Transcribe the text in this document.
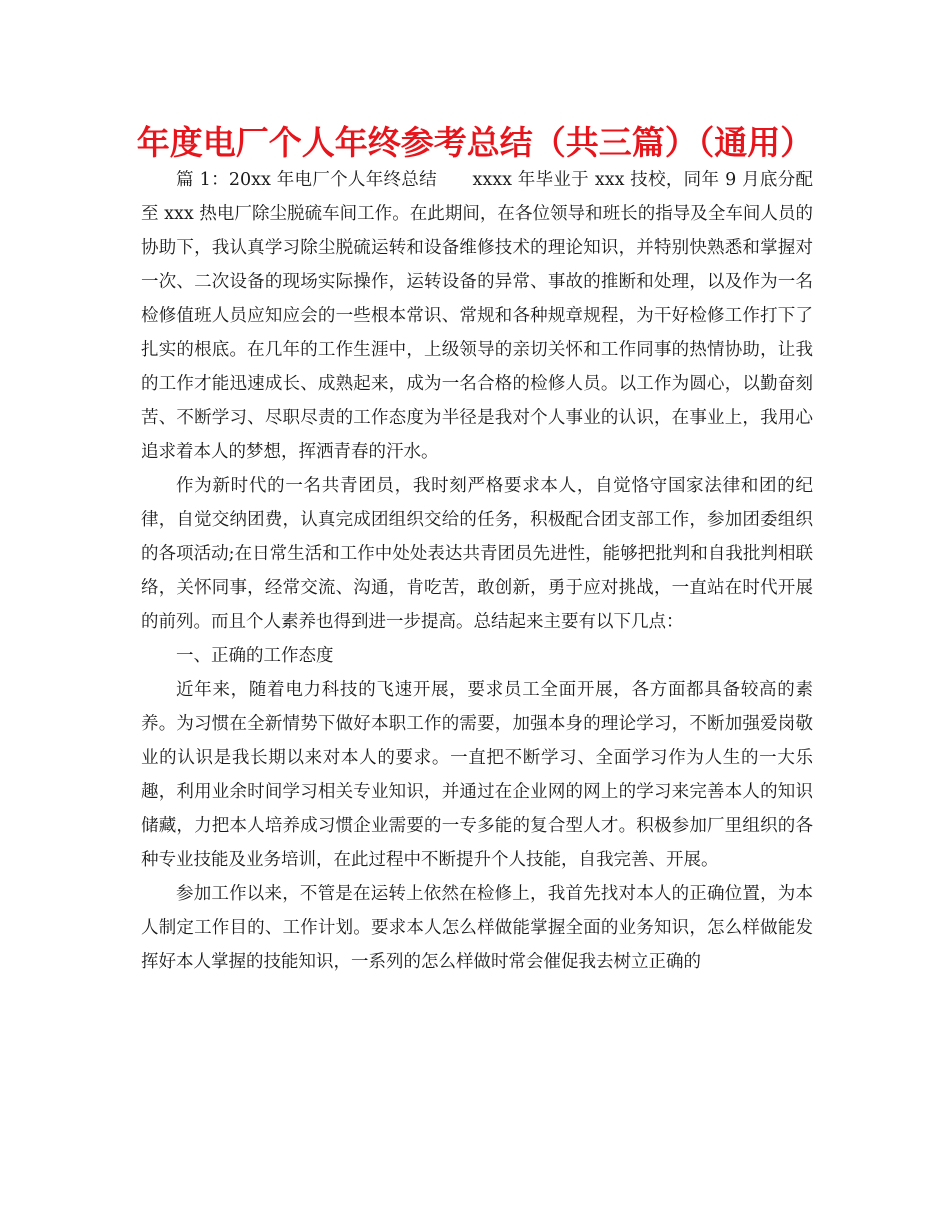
年度电厂个人年终参考总结（共三篇）（通用）

篇 1：20xx 年电厂个人年终总结　　xxxx 年毕业于 xxx 技校，同年 9 月底分配至 xxx 热电厂除尘脱硫车间工作。在此期间，在各位领导和班长的指导及全车间人员的协助下，我认真学习除尘脱硫运转和设备维修技术的理论知识，并特别快熟悉和掌握对一次、二次设备的现场实际操作，运转设备的异常、事故的推断和处理，以及作为一名检修值班人员应知应会的一些根本常识、常规和各种规章规程，为干好检修工作打下了扎实的根底。在几年的工作生涯中，上级领导的亲切关怀和工作同事的热情协助，让我的工作才能迅速成长、成熟起来，成为一名合格的检修人员。以工作为圆心，以勤奋刻苦、不断学习、尽职尽责的工作态度为半径是我对个人事业的认识，在事业上，我用心追求着本人的梦想，挥洒青春的汗水。

作为新时代的一名共青团员，我时刻严格要求本人，自觉恪守国家法律和团的纪律，自觉交纳团费，认真完成团组织交给的任务，积极配合团支部工作，参加团委组织的各项活动;在日常生活和工作中处处表达共青团员先进性，能够把批判和自我批判相联络，关怀同事，经常交流、沟通，肯吃苦，敢创新，勇于应对挑战，一直站在时代开展的前列。而且个人素养也得到进一步提高。总结起来主要有以下几点：

一、正确的工作态度

近年来，随着电力科技的飞速开展，要求员工全面开展，各方面都具备较高的素养。为习惯在全新情势下做好本职工作的需要，加强本身的理论学习，不断加强爱岗敬业的认识是我长期以来对本人的要求。一直把不断学习、全面学习作为人生的一大乐趣，利用业余时间学习相关专业知识，并通过在企业网的网上的学习来完善本人的知识储藏，力把本人培养成习惯企业需要的一专多能的复合型人才。积极参加厂里组织的各种专业技能及业务培训，在此过程中不断提升个人技能，自我完善、开展。

参加工作以来，不管是在运转上依然在检修上，我首先找对本人的正确位置，为本人制定工作目的、工作计划。要求本人怎么样做能掌握全面的业务知识，怎么样做能发挥好本人掌握的技能知识，一系列的怎么样做时常会催促我去树立正确的
